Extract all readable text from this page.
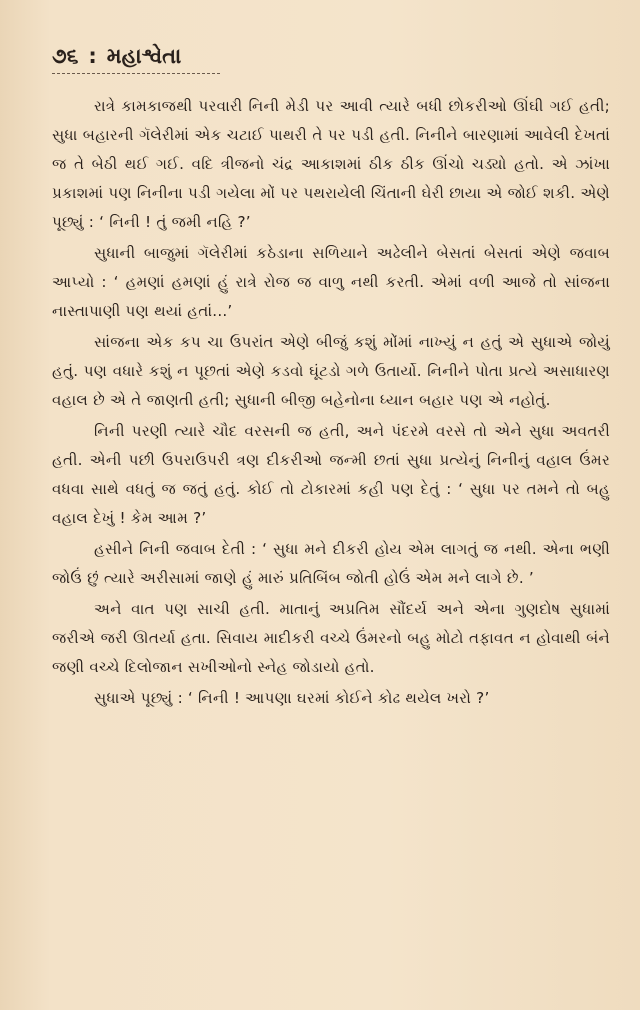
૭૬ : મહાશ્વેતા

રાત્રે કામકાજથી પરવારી નિની મેડી પર આવી ત્યારે બધી છોકરીઓ ઊંઘી ગઈ હતી; સુધા બહારની ગૅલેરીમાં એક ચટાઈ પાથરી તે પર પડી હતી. નિનીને બારણામાં આવેલી દેખતાં જ તે બેઠી થઈ ગઈ. વદિ ત્રીજનો ચંદ્ર આકાશમાં ઠીક ઠીક ઊંચો ચડ્યો હતો. એ ઝાંખા પ્રકાશમાં પણ નિનીના પડી ગયેલા મોં પર પથરાયેલી ચિંતાની ઘેરી છાયા એ જોઈ શકી. એણે પૂછ્યું : ‘ નિની ! તું જમી નહિ ?’

સુધાની બાજુમાં ગૅલેરીમાં કઠેડાના સળિયાને અઢેલીને બેસતાં બેસતાં એણે જવાબ આપ્યો : ‘ હમણાં હમણાં હું રાત્રે રોજ જ વાળુ નથી કરતી. એમાં વળી આજે તો સાંજના નાસ્તાપાણી પણ થયાં હતાં...’

સાંજના એક કપ ચા ઉપરાંત એણે બીજું કશું મોંમાં નાખ્યું ન હતું એ સુધાએ જોયું હતું. પણ વધારે કશું ન પૂછતાં એણે કડવો ઘૂંટડો ગળે ઉતાર્યો. નિનીને પોતા પ્રત્યે અસાધારણ વહાલ છે એ તે જાણતી હતી; સુધાની બીજી બહેનોના ધ્યાન બહાર પણ એ નહોતું.

નિની પરણી ત્યારે ચૌદ વરસની જ હતી, અને પંદરમે વરસે તો એને સુધા અવતરી હતી. એની પછી ઉપરાઉપરી ત્રણ દીકરીઓ જન્મી છતાં સુધા પ્રત્યેનું નિનીનું વહાલ ઉંમર વધવા સાથે વધતું જ જતું હતું. કોઈ તો ટોકારમાં કહી પણ દેતું : ‘ સુધા પર તમને તો બહુ વહાલ દેખું ! કેમ આમ ?’

હસીને નિની જવાબ દેતી : ‘ સુધા મને દીકરી હોય એમ લાગતું જ નથી. એના ભણી જોઉં છું ત્યારે અરીસામાં જાણે હું મારું પ્રતિબિંબ જોતી હોઉં એમ મને લાગે છે. ’

અને વાત પણ સાચી હતી. માતાનું અપ્રતિમ સૌંદર્ય અને એના ગુણદોષ સુધામાં જરીએ જરી ઊતર્યા હતા. સિવાય માદીકરી વચ્ચે ઉંમરનો બહુ મોટો તફાવત ન હોવાથી બંને જણી વચ્ચે દિલોજાન સખીઓનો સ્નેહ જોડાયો હતો.

સુધાએ પૂછ્યું : ‘ નિની ! આપણા ઘરમાં કોઈને કોઢ થયેલ ખરો ?’
